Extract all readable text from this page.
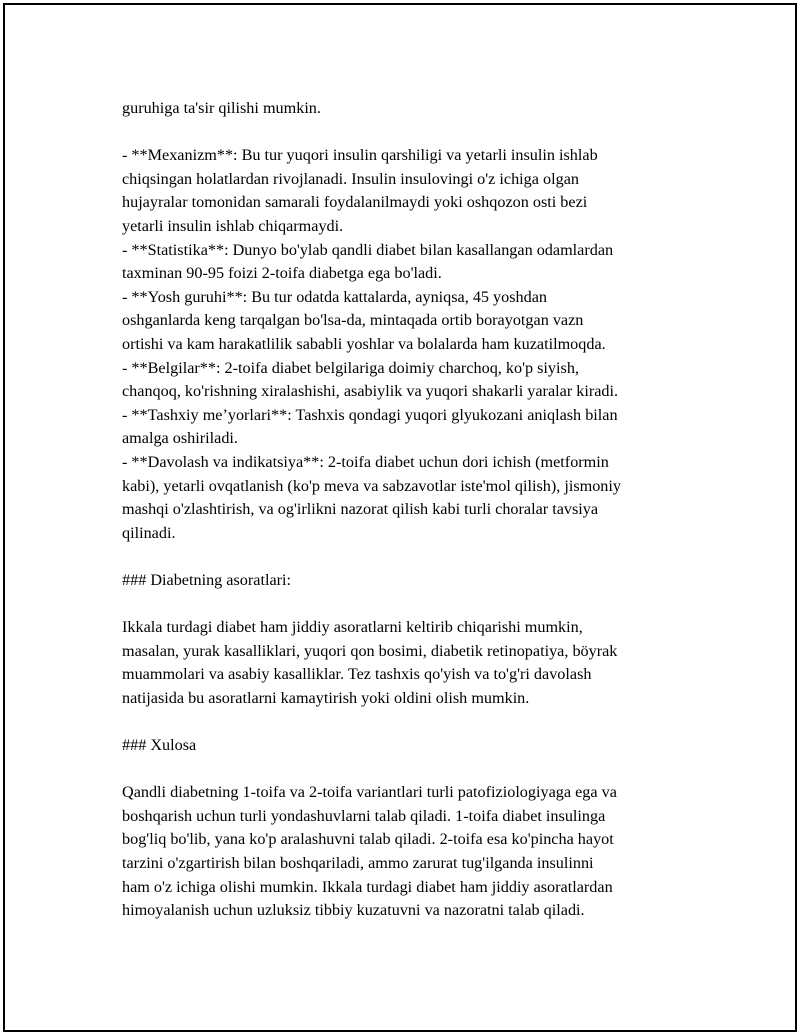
guruhiga ta'sir qilishi mumkin.
- **Mexanizm**: Bu tur yuqori insulin qarshiligi va yetarli insulin ishlab
chiqsingan holatlardan rivojlanadi. Insulin insulovingi o'z ichiga olgan
hujayralar tomonidan samarali foydalanilmaydi yoki oshqozon osti bezi
yetarli insulin ishlab chiqarmaydi.
- **Statistika**: Dunyo bo'ylab qandli diabet bilan kasallangan odamlardan
taxminan 90-95 foizi 2-toifa diabetga ega bo'ladi.
- **Yosh guruhi**: Bu tur odatda kattalarda, ayniqsa, 45 yoshdan
oshganlarda keng tarqalgan bo'lsa-da, mintaqada ortib borayotgan vazn
ortishi va kam harakatlilik sababli yoshlar va bolalarda ham kuzatilmoqda.
- **Belgilar**: 2-toifa diabet belgilariga doimiy charchoq, ko'p siyish,
chanqoq, ko'rishning xiralashishi, asabiylik va yuqori shakarli yaralar kiradi.
- **Tashxiy me’yorlari**: Tashxis qondagi yuqori glyukozani aniqlash bilan
amalga oshiriladi.
- **Davolash va indikatsiya**: 2-toifa diabet uchun dori ichish (metformin
kabi), yetarli ovqatlanish (ko'p meva va sabzavotlar iste'mol qilish), jismoniy
mashqi o'zlashtirish, va og'irlikni nazorat qilish kabi turli choralar tavsiya
qilinadi.
### Diabetning asoratlari:
Ikkala turdagi diabet ham jiddiy asoratlarni keltirib chiqarishi mumkin,
masalan, yurak kasalliklari, yuqori qon bosimi, diabetik retinopatiya, böyrak
muammolari va asabiy kasalliklar. Tez tashxis qo'yish va to'g'ri davolash
natijasida bu asoratlarni kamaytirish yoki oldini olish mumkin.
### Xulosa
Qandli diabetning 1-toifa va 2-toifa variantlari turli patofiziologiyaga ega va
boshqarish uchun turli yondashuvlarni talab qiladi. 1-toifa diabet insulinga
bog'liq bo'lib, yana ko'p aralashuvni talab qiladi. 2-toifa esa ko'pincha hayot
tarzini o'zgartirish bilan boshqariladi, ammo zarurat tug'ilganda insulinni
ham o'z ichiga olishi mumkin. Ikkala turdagi diabet ham jiddiy asoratlardan
himoyalanish uchun uzluksiz tibbiy kuzatuvni va nazoratni talab qiladi.
